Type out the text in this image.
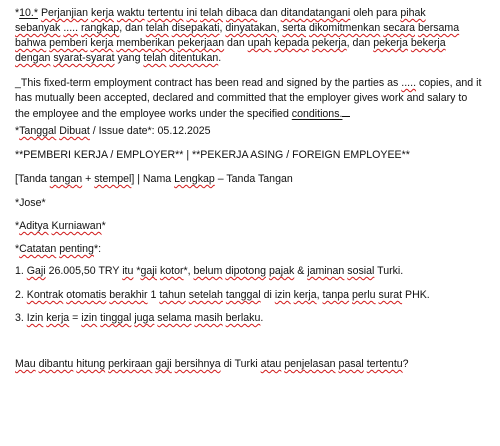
*10.* Perjanjian kerja waktu tertentu ini telah dibaca dan ditandatangani oleh para pihak
sebanyak ..... rangkap, dan telah disepakati, dinyatakan, serta dikomitmenkan secara bersama
bahwa pemberi kerja memberikan pekerjaan dan upah kepada pekerja, dan pekerja bekerja
dengan syarat-syarat yang telah ditentukan.

_This fixed-term employment contract has been read and signed by the parties as ..... copies, and it has mutually been accepted, declared and committed that the employer gives work and salary to the employee and the employee works under the specified conditions.

*Tanggal Dibuat / Issue date*: 05.12.2025

**PEMBERI KERJA / EMPLOYER** | **PEKERJA ASING / FOREIGN EMPLOYEE**

[Tanda tangan + stempel] | Nama Lengkap – Tanda Tangan

*Jose*

*Aditya Kurniawan*

*Catatan penting*:

1. Gaji 26.005,50 TRY itu *gaji kotor*, belum dipotong pajak & jaminan sosial Turki.

2. Kontrak otomatis berakhir 1 tahun setelah tanggal di izin kerja, tanpa perlu surat PHK.

3. Izin kerja = izin tinggal juga selama masih berlaku.

Mau dibantu hitung perkiraan gaji bersihnya di Turki atau penjelasan pasal tertentu?
